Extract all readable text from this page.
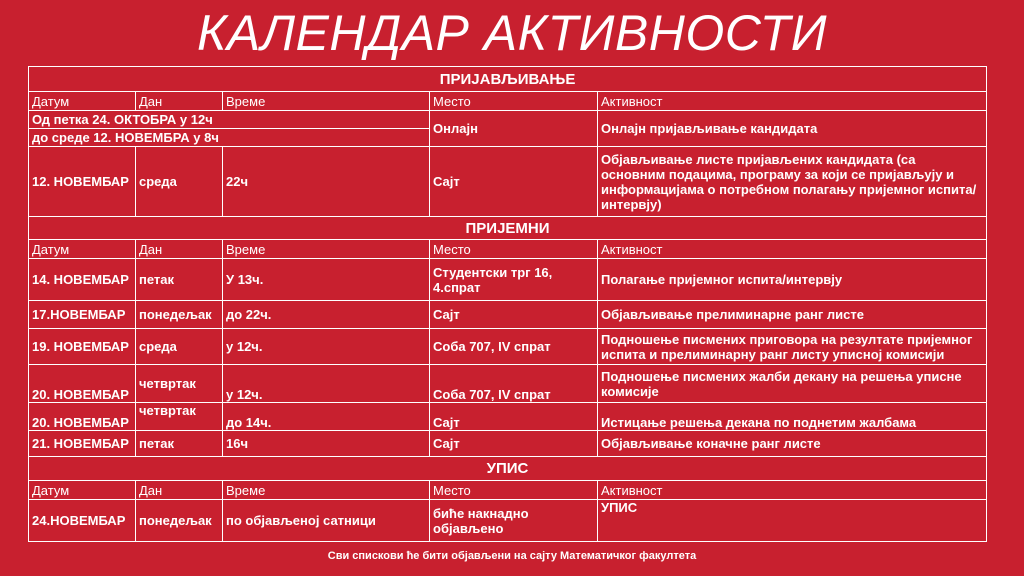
КАЛЕНДАР АКТИВНОСТИ
ПРИЈАВЉИВАЊЕ				
Датум	Дан	Време	Место	Активност
Од петка 24. ОКТОБРА у 12ч			Онлајн	Онлајн пријављивање кандидата
до среде 12. НОВЕМБРА у 8ч				
12. НОВЕМБАР	среда	22ч	Сајт	Објављивање листе пријављених кандидата (са основним подацима, програму за који се пријављују и информацијама о потребном полагању пријемног испита/интервју)
ПРИЈЕМНИ				
Датум	Дан	Време	Место	Активност
14. НОВЕМБАР	петак	У 13ч.	Студентски трг 16, 4.спрат	Полагање пријемног испита/интервју
17.НОВЕМБАР	понедељак	до 22ч.	Сајт	Објављивање прелиминарне ранг листе
19. НОВЕМБАР	среда	у 12ч.	Соба 707, IV спрат	Подношење писмених приговора на резултате пријемног испита и прелиминарну ранг листу уписној комисији
20. НОВЕМБАР	четвртак	у 12ч.	Соба 707, IV спрат	Подношење писмених жалби декану на решења уписне комисије
20. НОВЕМБАР	четвртак	до 14ч.	Сајт	Истицање решења декана по поднетим жалбама
21. НОВЕМБАР	петак	16ч	Сајт	Објављивање коначне ранг листе
УПИС				
Датум	Дан	Време	Место	Активност
24.НОВЕМБАР	понедељак	по објављеној сатници	биће накнадно објављено	УПИС
Сви спискови ће бити објављени на сајту Математичког факултета
